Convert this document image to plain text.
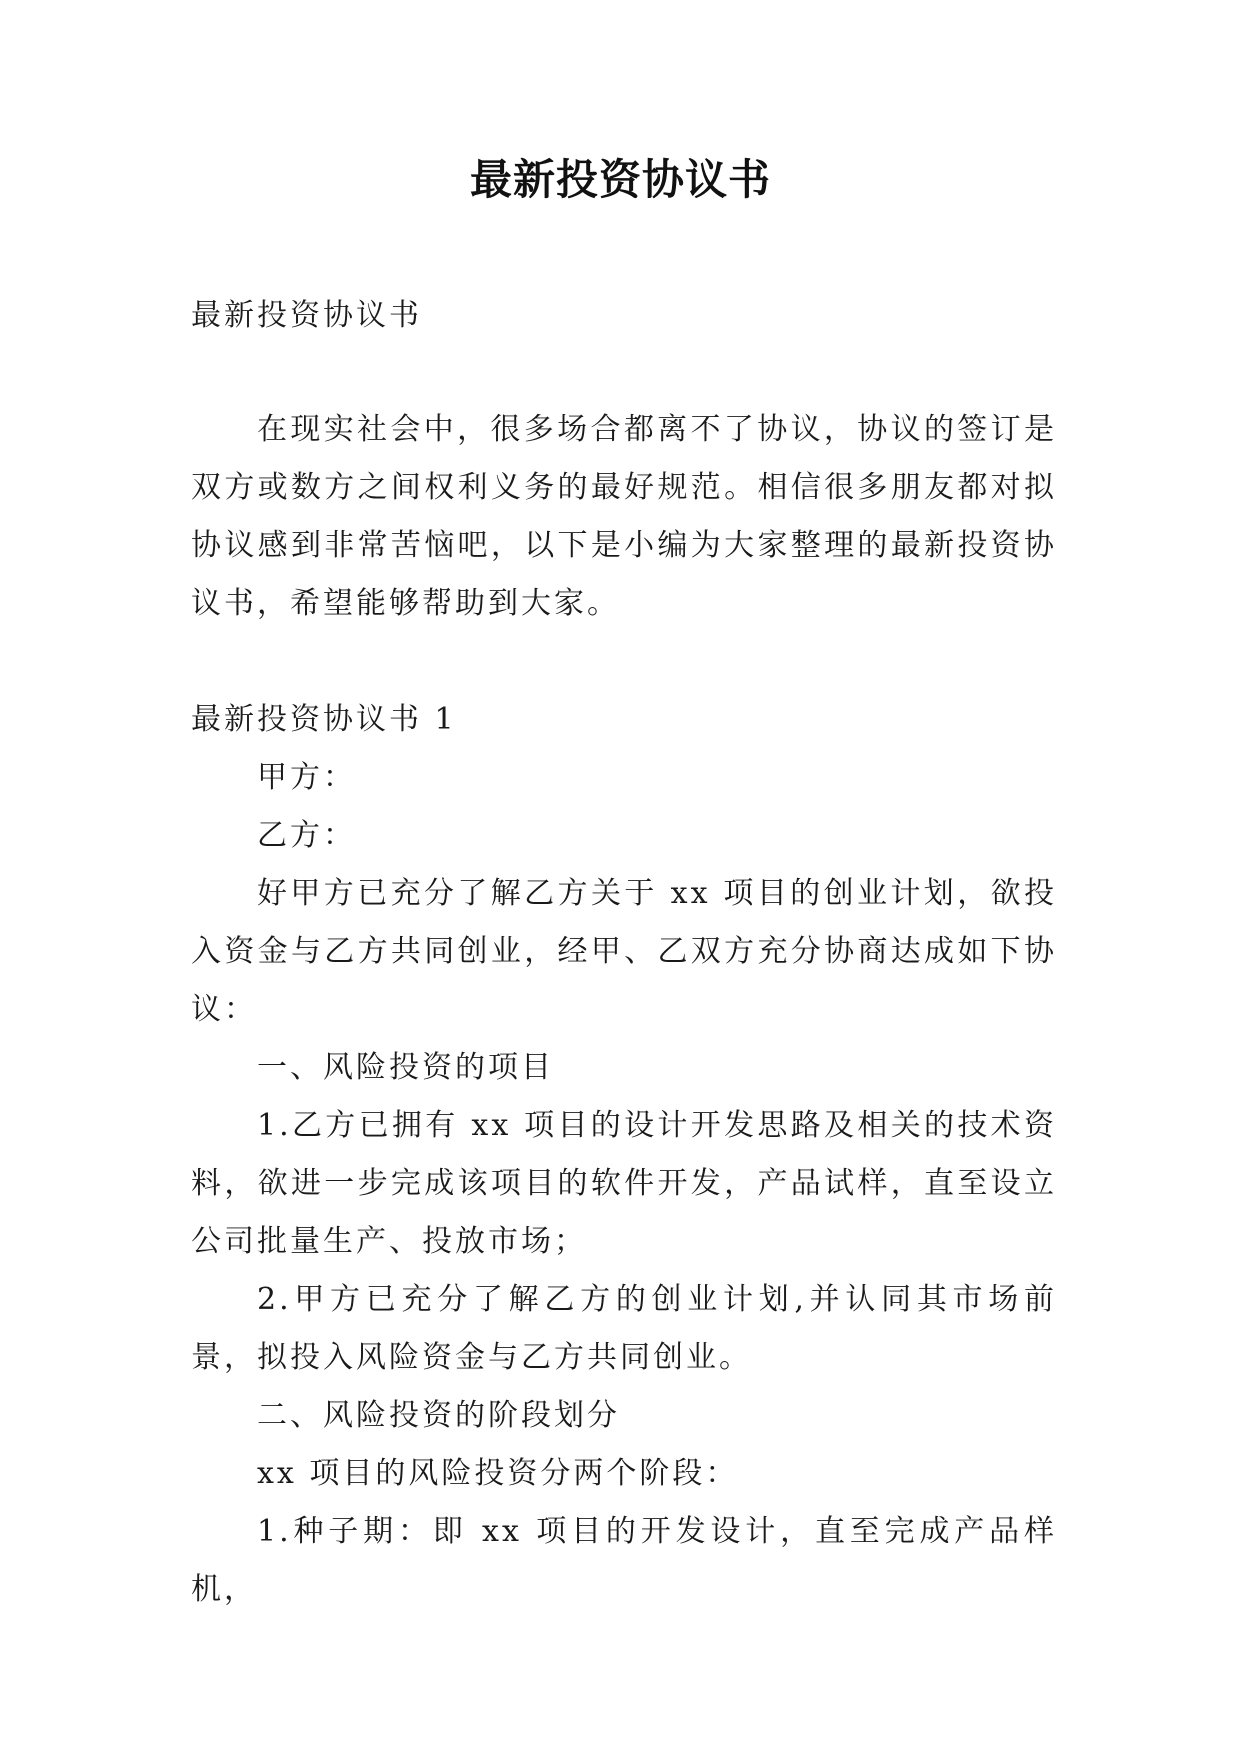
最新投资协议书

最新投资协议书

在现实社会中，很多场合都离不了协议，协议的签订是双方或数方之间权利义务的最好规范。相信很多朋友都对拟协议感到非常苦恼吧，以下是小编为大家整理的最新投资协议书，希望能够帮助到大家。

最新投资协议书 1

甲方：

乙方：

好甲方已充分了解乙方关于 xx 项目的创业计划，欲投入资金与乙方共同创业，经甲、乙双方充分协商达成如下协议：

一、风险投资的项目

1.乙方已拥有 xx 项目的设计开发思路及相关的技术资料，欲进一步完成该项目的软件开发，产品试样，直至设立公司批量生产、投放市场；

2.甲方已充分了解乙方的创业计划,并认同其市场前景，拟投入风险资金与乙方共同创业。

二、风险投资的阶段划分

xx 项目的风险投资分两个阶段：

1.种子期：即 xx 项目的开发设计，直至完成产品样机，
